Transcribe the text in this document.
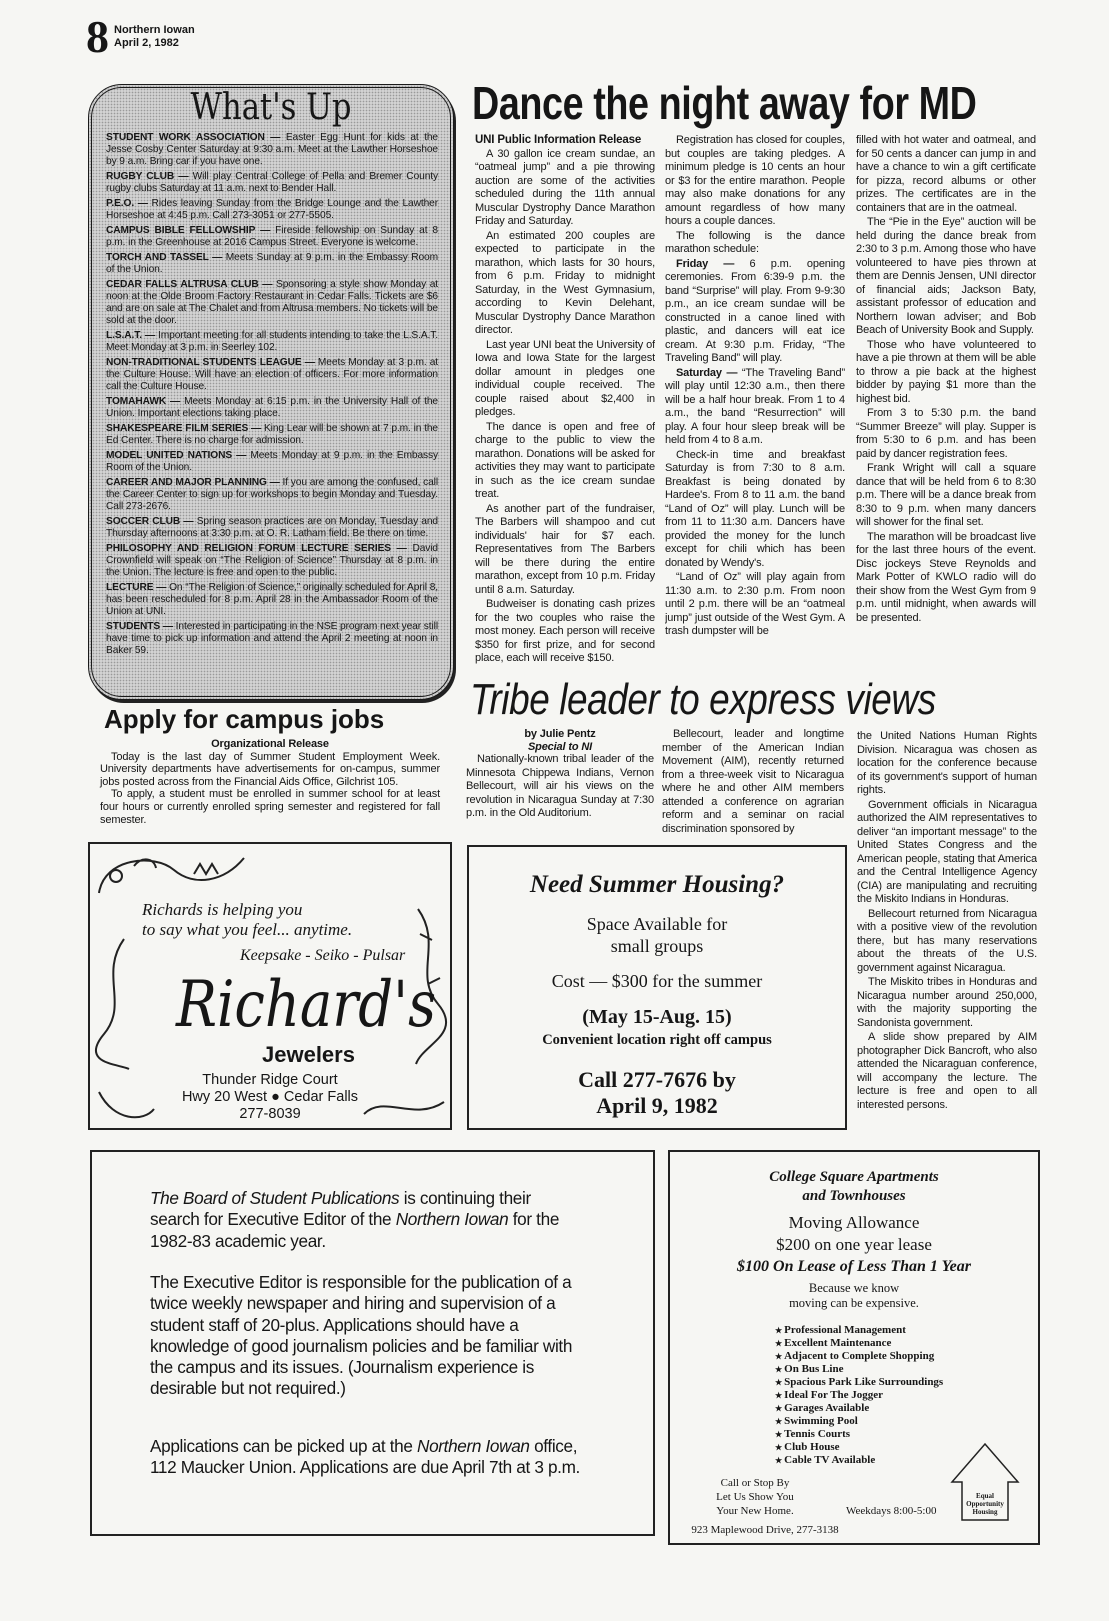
8 Northern Iowan
April 2, 1982
What's Up

STUDENT WORK ASSOCIATION — Easter Egg Hunt for kids at the Jesse Cosby Center Saturday at 9:30 a.m. Meet at the Lawther Horseshoe by 9 a.m. Bring car if you have one.

RUGBY CLUB — Will play Central College of Pella and Bremer County rugby clubs Saturday at 11 a.m. next to Bender Hall.

P.E.O. — Rides leaving Sunday from the Bridge Lounge and the Lawther Horseshoe at 4:45 p.m. Call 273-3051 or 277-5505.

CAMPUS BIBLE FELLOWSHIP — Fireside fellowship on Sunday at 8 p.m. in the Greenhouse at 2016 Campus Street. Everyone is welcome.

TORCH AND TASSEL — Meets Sunday at 9 p.m. in the Embassy Room of the Union.

CEDAR FALLS ALTRUSA CLUB — Sponsoring a style show Monday at noon at the Olde Broom Factory Restaurant in Cedar Falls. Tickets are $6 and are on sale at The Chalet and from Altrusa members. No tickets will be sold at the door.

L.S.A.T. — Important meeting for all students intending to take the L.S.A.T. Meet Monday at 3 p.m. in Seerley 102.

NON-TRADITIONAL STUDENTS LEAGUE — Meets Monday at 3 p.m. at the Culture House. Will have an election of officers. For more information call the Culture House.

TOMAHAWK — Meets Monday at 6:15 p.m. in the University Hall of the Union. Important elections taking place.

SHAKESPEARE FILM SERIES — King Lear will be shown at 7 p.m. in the Ed Center. There is no charge for admission.

MODEL UNITED NATIONS — Meets Monday at 9 p.m. in the Embassy Room of the Union.

CAREER AND MAJOR PLANNING — If you are among the confused, call the Career Center to sign up for workshops to begin Monday and Tuesday. Call 273-2676.

SOCCER CLUB — Spring season practices are on Monday, Tuesday and Thursday afternoons at 3:30 p.m. at O. R. Latham field. Be there on time.

PHILOSOPHY AND RELIGION FORUM LECTURE SERIES — David Crownfield will speak on “The Religion of Science” Thursday at 8 p.m. in the Union. The lecture is free and open to the public.

LECTURE — On “The Religion of Science,” originally scheduled for April 8, has been rescheduled for 8 p.m. April 28 in the Ambassador Room of the Union at UNI.

STUDENTS — Interested in participating in the NSE program next year still have time to pick up information and attend the April 2 meeting at noon in Baker 59.

Dance the night away for MD
UNI Public Information Release

A 30 gallon ice cream sundae, an “oatmeal jump” and a pie throwing auction are some of the activities scheduled during the 11th annual Muscular Dystrophy Dance Marathon Friday and Saturday.

An estimated 200 couples are expected to participate in the marathon, which lasts for 30 hours, from 6 p.m. Friday to midnight Saturday, in the West Gymnasium, according to Kevin Delehant, Muscular Dystrophy Dance Marathon director.

Last year UNI beat the University of Iowa and Iowa State for the largest dollar amount in pledges one individual couple received. The couple raised about $2,400 in pledges.

The dance is open and free of charge to the public to view the marathon. Donations will be asked for activities they may want to participate in such as the ice cream sundae treat.

As another part of the fundraiser, The Barbers will shampoo and cut individuals' hair for $7 each. Representatives from The Barbers will be there during the entire marathon, except from 10 p.m. Friday until 8 a.m. Saturday.

Budweiser is donating cash prizes for the two couples who raise the most money. Each person will receive $350 for first prize, and for second place, each will receive $150.

Registration has closed for couples, but couples are taking pledges. A minimum pledge is 10 cents an hour or $3 for the entire marathon. People may also make donations for any amount regardless of how many hours a couple dances.

The following is the dance marathon schedule:

Friday — 6 p.m. opening ceremonies. From 6:39-9 p.m. the band “Surprise” will play. From 9-9:30 p.m., an ice cream sundae will be constructed in a canoe lined with plastic, and dancers will eat ice cream. At 9:30 p.m. Friday, “The Traveling Band” will play.

Saturday — “The Traveling Band” will play until 12:30 a.m., then there will be a half hour break. From 1 to 4 a.m., the band “Resurrection” will play. A four hour sleep break will be held from 4 to 8 a.m.

Check-in time and breakfast Saturday is from 7:30 to 8 a.m. Breakfast is being donated by Hardee's. From 8 to 11 a.m. the band “Land of Oz” will play. Lunch will be from 11 to 11:30 a.m. Dancers have provided the money for the lunch except for chili which has been donated by Wendy's.

“Land of Oz” will play again from 11:30 a.m. to 2:30 p.m. From noon until 2 p.m. there will be an “oatmeal jump” just outside of the West Gym. A trash dumpster will be

filled with hot water and oatmeal, and for 50 cents a dancer can jump in and have a chance to win a gift certificate for pizza, record albums or other prizes. The certificates are in the containers that are in the oatmeal.

The “Pie in the Eye” auction will be held during the dance break from 2:30 to 3 p.m. Among those who have volunteered to have pies thrown at them are Dennis Jensen, UNI director of financial aids; Jackson Baty, assistant professor of education and Northern Iowan adviser; and Bob Beach of University Book and Supply.

Those who have volunteered to have a pie thrown at them will be able to throw a pie back at the highest bidder by paying $1 more than the highest bid.

From 3 to 5:30 p.m. the band “Summer Breeze” will play. Supper is from 5:30 to 6 p.m. and has been paid by dancer registration fees.

Frank Wright will call a square dance that will be held from 6 to 8:30 p.m. There will be a dance break from 8:30 to 9 p.m. when many dancers will shower for the final set.

The marathon will be broadcast live for the last three hours of the event. Disc jockeys Steve Reynolds and Mark Potter of KWLO radio will do their show from the West Gym from 9 p.m. until midnight, when awards will be presented.

Tribe leader to express views
by Julie Pentz
Special to NI

Nationally-known tribal leader of the Minnesota Chippewa Indians, Vernon Bellecourt, will air his views on the revolution in Nicaragua Sunday at 7:30 p.m. in the Old Auditorium.

Bellecourt, leader and longtime member of the American Indian Movement (AIM), recently returned from a three-week visit to Nicaragua where he and other AIM members attended a conference on agrarian reform and a seminar on racial discrimination sponsored by

the United Nations Human Rights Division. Nicaragua was chosen as location for the conference because of its government's support of human rights.

Government officials in Nicaragua authorized the AIM representatives to deliver “an important message” to the United States Congress and the American people, stating that America and the Central Intelligence Agency (CIA) are manipulating and recruiting the Miskito Indians in Honduras.

Bellecourt returned from Nicaragua with a positive view of the revolution there, but has many reservations about the threats of the U.S. government against Nicaragua.

The Miskito tribes in Honduras and Nicaragua number around 250,000, with the majority supporting the Sandonista government.

A slide show prepared by AIM photographer Dick Bancroft, who also attended the Nicaraguan conference, will accompany the lecture. The lecture is free and open to all interested persons.

Apply for campus jobs

Organizational Release

Today is the last day of Summer Student Employment Week. University departments have advertisements for on-campus, summer jobs posted across from the Financial Aids Office, Gilchrist 105.

To apply, a student must be enrolled in summer school for at least four hours or currently enrolled spring semester and registered for fall semester.

Richards is helping you
to say what you feel... anytime.
Keepsake - Seiko - Pulsar
Richard's
Jewelers
Thunder Ridge Court
Hwy 20 West ● Cedar Falls
277-8039
Need Summer Housing?
Space Available for
small groups
Cost — $300 for the summer
(May 15-Aug. 15)
Convenient location right off campus
Call 277-7676 by
April 9, 1982
The Board of Student Publications is continuing their search for Executive Editor of the Northern Iowan for the 1982-83 academic year.
The Executive Editor is responsible for the publication of a twice weekly newspaper and hiring and supervision of a student staff of 20-plus. Applications should have a knowledge of good journalism policies and be familiar with the campus and its issues. (Journalism experience is desirable but not required.)
Applications can be picked up at the Northern Iowan office, 112 Maucker Union. Applications are due April 7th at 3 p.m.
College Square Apartments
and Townhouses
Moving Allowance
$200 on one year lease
$100 On Lease of Less Than 1 Year
Because we know
moving can be expensive.

★ Professional Management

★ Excellent Maintenance

★ Adjacent to Complete Shopping

★ On Bus Line

★ Spacious Park Like Surroundings

★ Ideal For The Jogger

★ Garages Available

★ Swimming Pool

★ Tennis Courts

★ Club House

★ Cable TV Available

Call or Stop By
Let Us Show You
Your New Home.	Weekdays 8:00-5:00
923 Maplewood Drive, 277-3138
Equal Opportunity Housing
